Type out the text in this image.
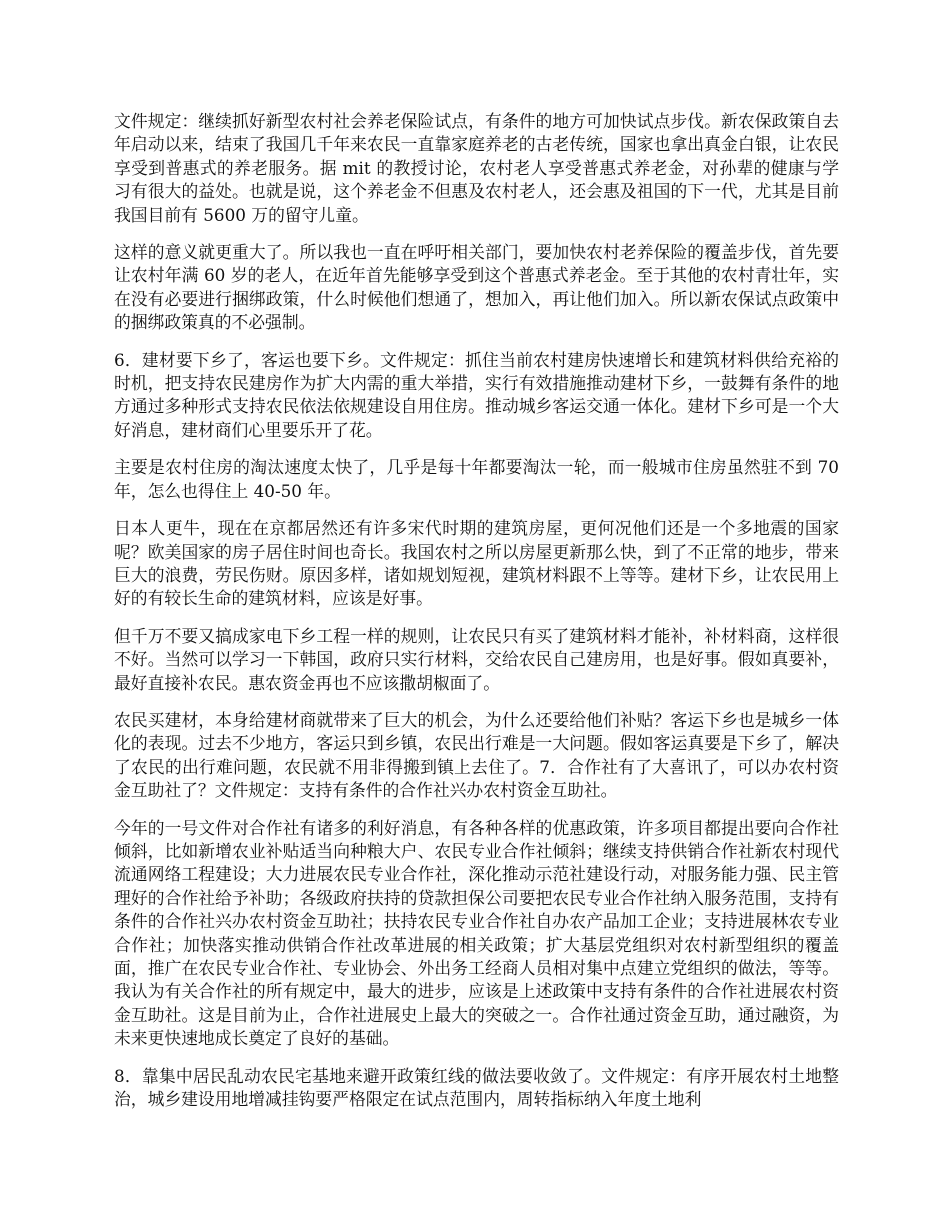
文件规定：继续抓好新型农村社会养老保险试点，有条件的地方可加快试点步伐。新农保政策自去年启动以来，结束了我国几千年来农民一直靠家庭养老的古老传统，国家也拿出真金白银，让农民享受到普惠式的养老服务。据 mit 的教授讨论，农村老人享受普惠式养老金，对孙辈的健康与学习有很大的益处。也就是说，这个养老金不但惠及农村老人，还会惠及祖国的下一代，尤其是目前我国目前有 5600 万的留守儿童。

这样的意义就更重大了。所以我也一直在呼吁相关部门，要加快农村老养保险的覆盖步伐，首先要让农村年满 60 岁的老人，在近年首先能够享受到这个普惠式养老金。至于其他的农村青壮年，实在没有必要进行捆绑政策，什么时候他们想通了，想加入，再让他们加入。所以新农保试点政策中的捆绑政策真的不必强制。

6．建材要下乡了，客运也要下乡。文件规定：抓住当前农村建房快速增长和建筑材料供给充裕的时机，把支持农民建房作为扩大内需的重大举措，实行有效措施推动建材下乡，一鼓舞有条件的地方通过多种形式支持农民依法依规建设自用住房。推动城乡客运交通一体化。建材下乡可是一个大好消息，建材商们心里要乐开了花。

主要是农村住房的淘汰速度太快了，几乎是每十年都要淘汰一轮，而一般城市住房虽然驻不到 70 年，怎么也得住上 40-50 年。

日本人更牛，现在在京都居然还有许多宋代时期的建筑房屋，更何况他们还是一个多地震的国家呢？欧美国家的房子居住时间也奇长。我国农村之所以房屋更新那么快，到了不正常的地步，带来巨大的浪费，劳民伤财。原因多样，诸如规划短视，建筑材料跟不上等等。建材下乡，让农民用上好的有较长生命的建筑材料，应该是好事。

但千万不要又搞成家电下乡工程一样的规则，让农民只有买了建筑材料才能补，补材料商，这样很不好。当然可以学习一下韩国，政府只实行材料，交给农民自己建房用，也是好事。假如真要补，最好直接补农民。惠农资金再也不应该撒胡椒面了。

农民买建材，本身给建材商就带来了巨大的机会，为什么还要给他们补贴？客运下乡也是城乡一体化的表现。过去不少地方，客运只到乡镇，农民出行难是一大问题。假如客运真要是下乡了，解决了农民的出行难问题，农民就不用非得搬到镇上去住了。7．合作社有了大喜讯了，可以办农村资金互助社了？文件规定：支持有条件的合作社兴办农村资金互助社。

今年的一号文件对合作社有诸多的利好消息，有各种各样的优惠政策，许多项目都提出要向合作社倾斜，比如新增农业补贴适当向种粮大户、农民专业合作社倾斜；继续支持供销合作社新农村现代流通网络工程建设；大力进展农民专业合作社，深化推动示范社建设行动，对服务能力强、民主管理好的合作社给予补助；各级政府扶持的贷款担保公司要把农民专业合作社纳入服务范围，支持有条件的合作社兴办农村资金互助社；扶持农民专业合作社自办农产品加工企业；支持进展林农专业合作社；加快落实推动供销合作社改革进展的相关政策；扩大基层党组织对农村新型组织的覆盖面，推广在农民专业合作社、专业协会、外出务工经商人员相对集中点建立党组织的做法，等等。我认为有关合作社的所有规定中，最大的进步，应该是上述政策中支持有条件的合作社进展农村资金互助社。这是目前为止，合作社进展史上最大的突破之一。合作社通过资金互助，通过融资，为未来更快速地成长奠定了良好的基础。

8．靠集中居民乱动农民宅基地来避开政策红线的做法要收敛了。文件规定：有序开展农村土地整治，城乡建设用地增减挂钩要严格限定在试点范围内，周转指标纳入年度土地利
